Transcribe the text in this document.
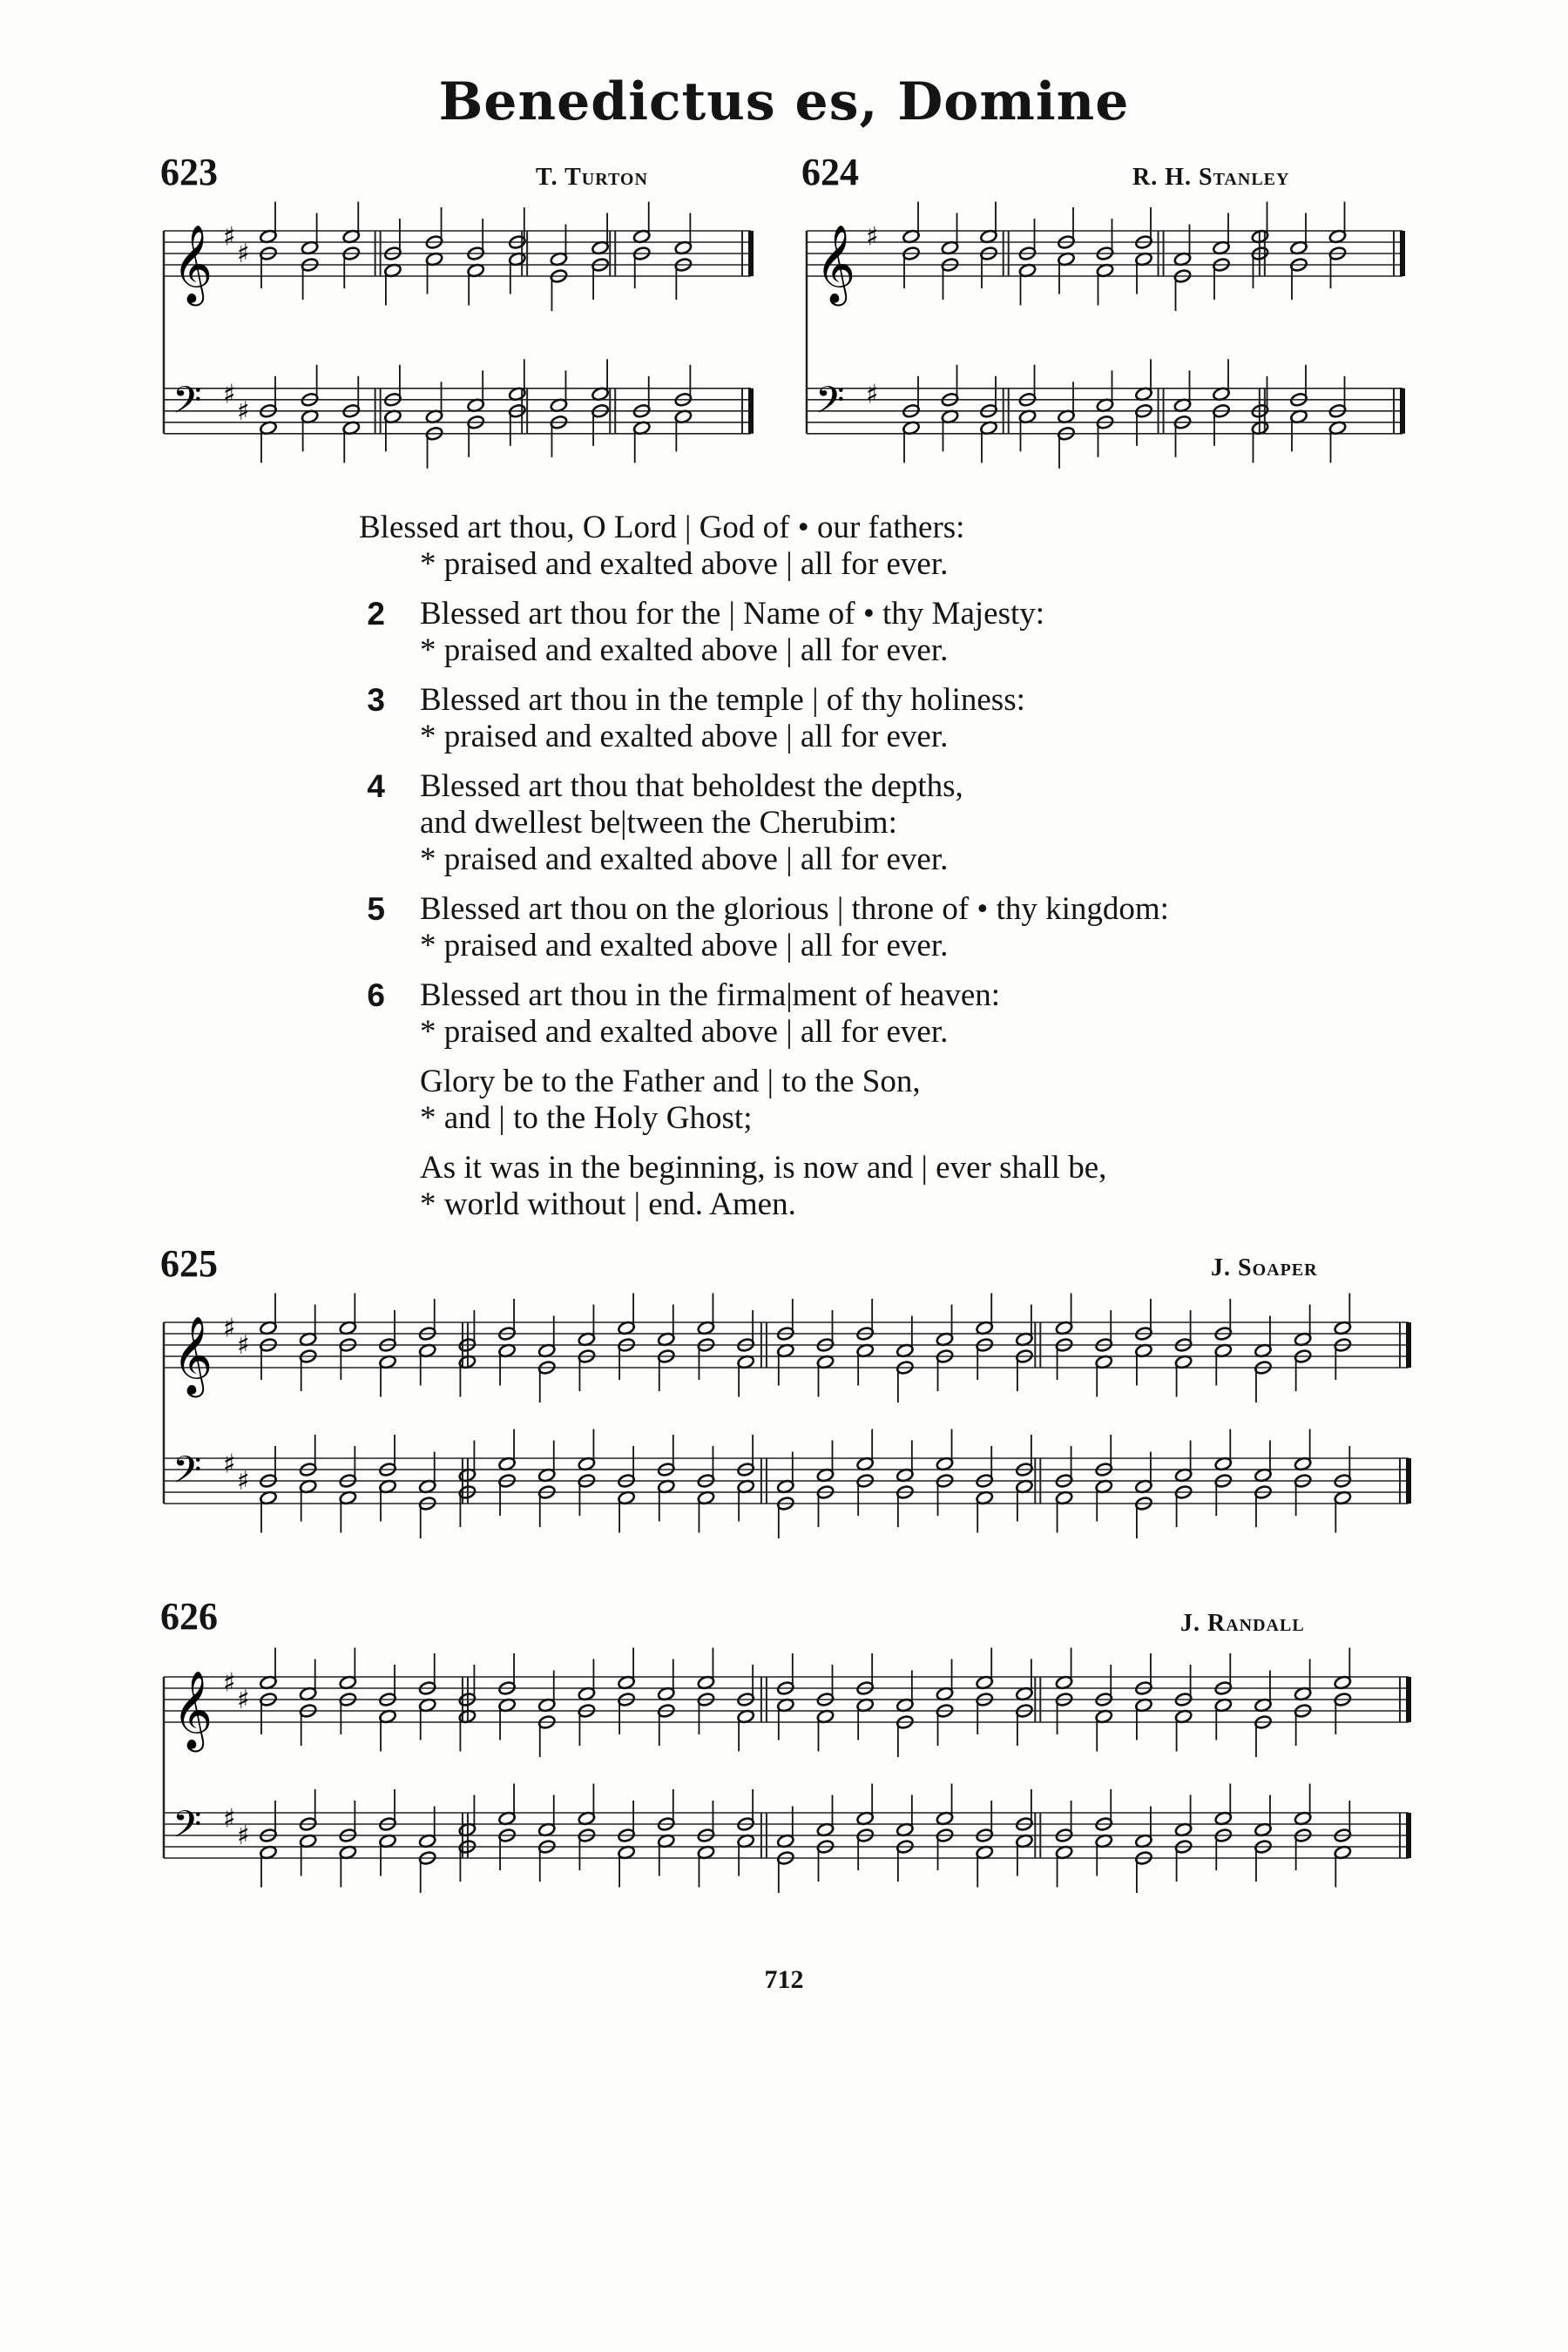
Benedictus es, Domine
623	T. Turton
𝄞 ♯
♯
𝄢 ♯
♯
624	R. H. Stanley
𝄞 ♯
𝄢 ♯
Blessed art thou, O Lord | God of • our fathers:
* praised and exalted above | all for ever.
2 Blessed art thou for the | Name of • thy Majesty:
* praised and exalted above | all for ever.
3 Blessed art thou in the temple | of thy holiness:
* praised and exalted above | all for ever.
4 Blessed art thou that beholdest the depths,
and dwellest be|tween the Cherubim:
* praised and exalted above | all for ever.
5 Blessed art thou on the glorious | throne of • thy kingdom:
* praised and exalted above | all for ever.
6 Blessed art thou in the firma|ment of heaven:
* praised and exalted above | all for ever.
Glory be to the Father and | to the Son,
* and | to the Holy Ghost;
As it was in the beginning, is now and | ever shall be,
* world without | end. Amen.
625	J. Soaper
𝄞 ♯
♯
𝄢 ♯
♯
626	J. Randall
𝄞 ♯
♯
𝄢 ♯
♯
712
